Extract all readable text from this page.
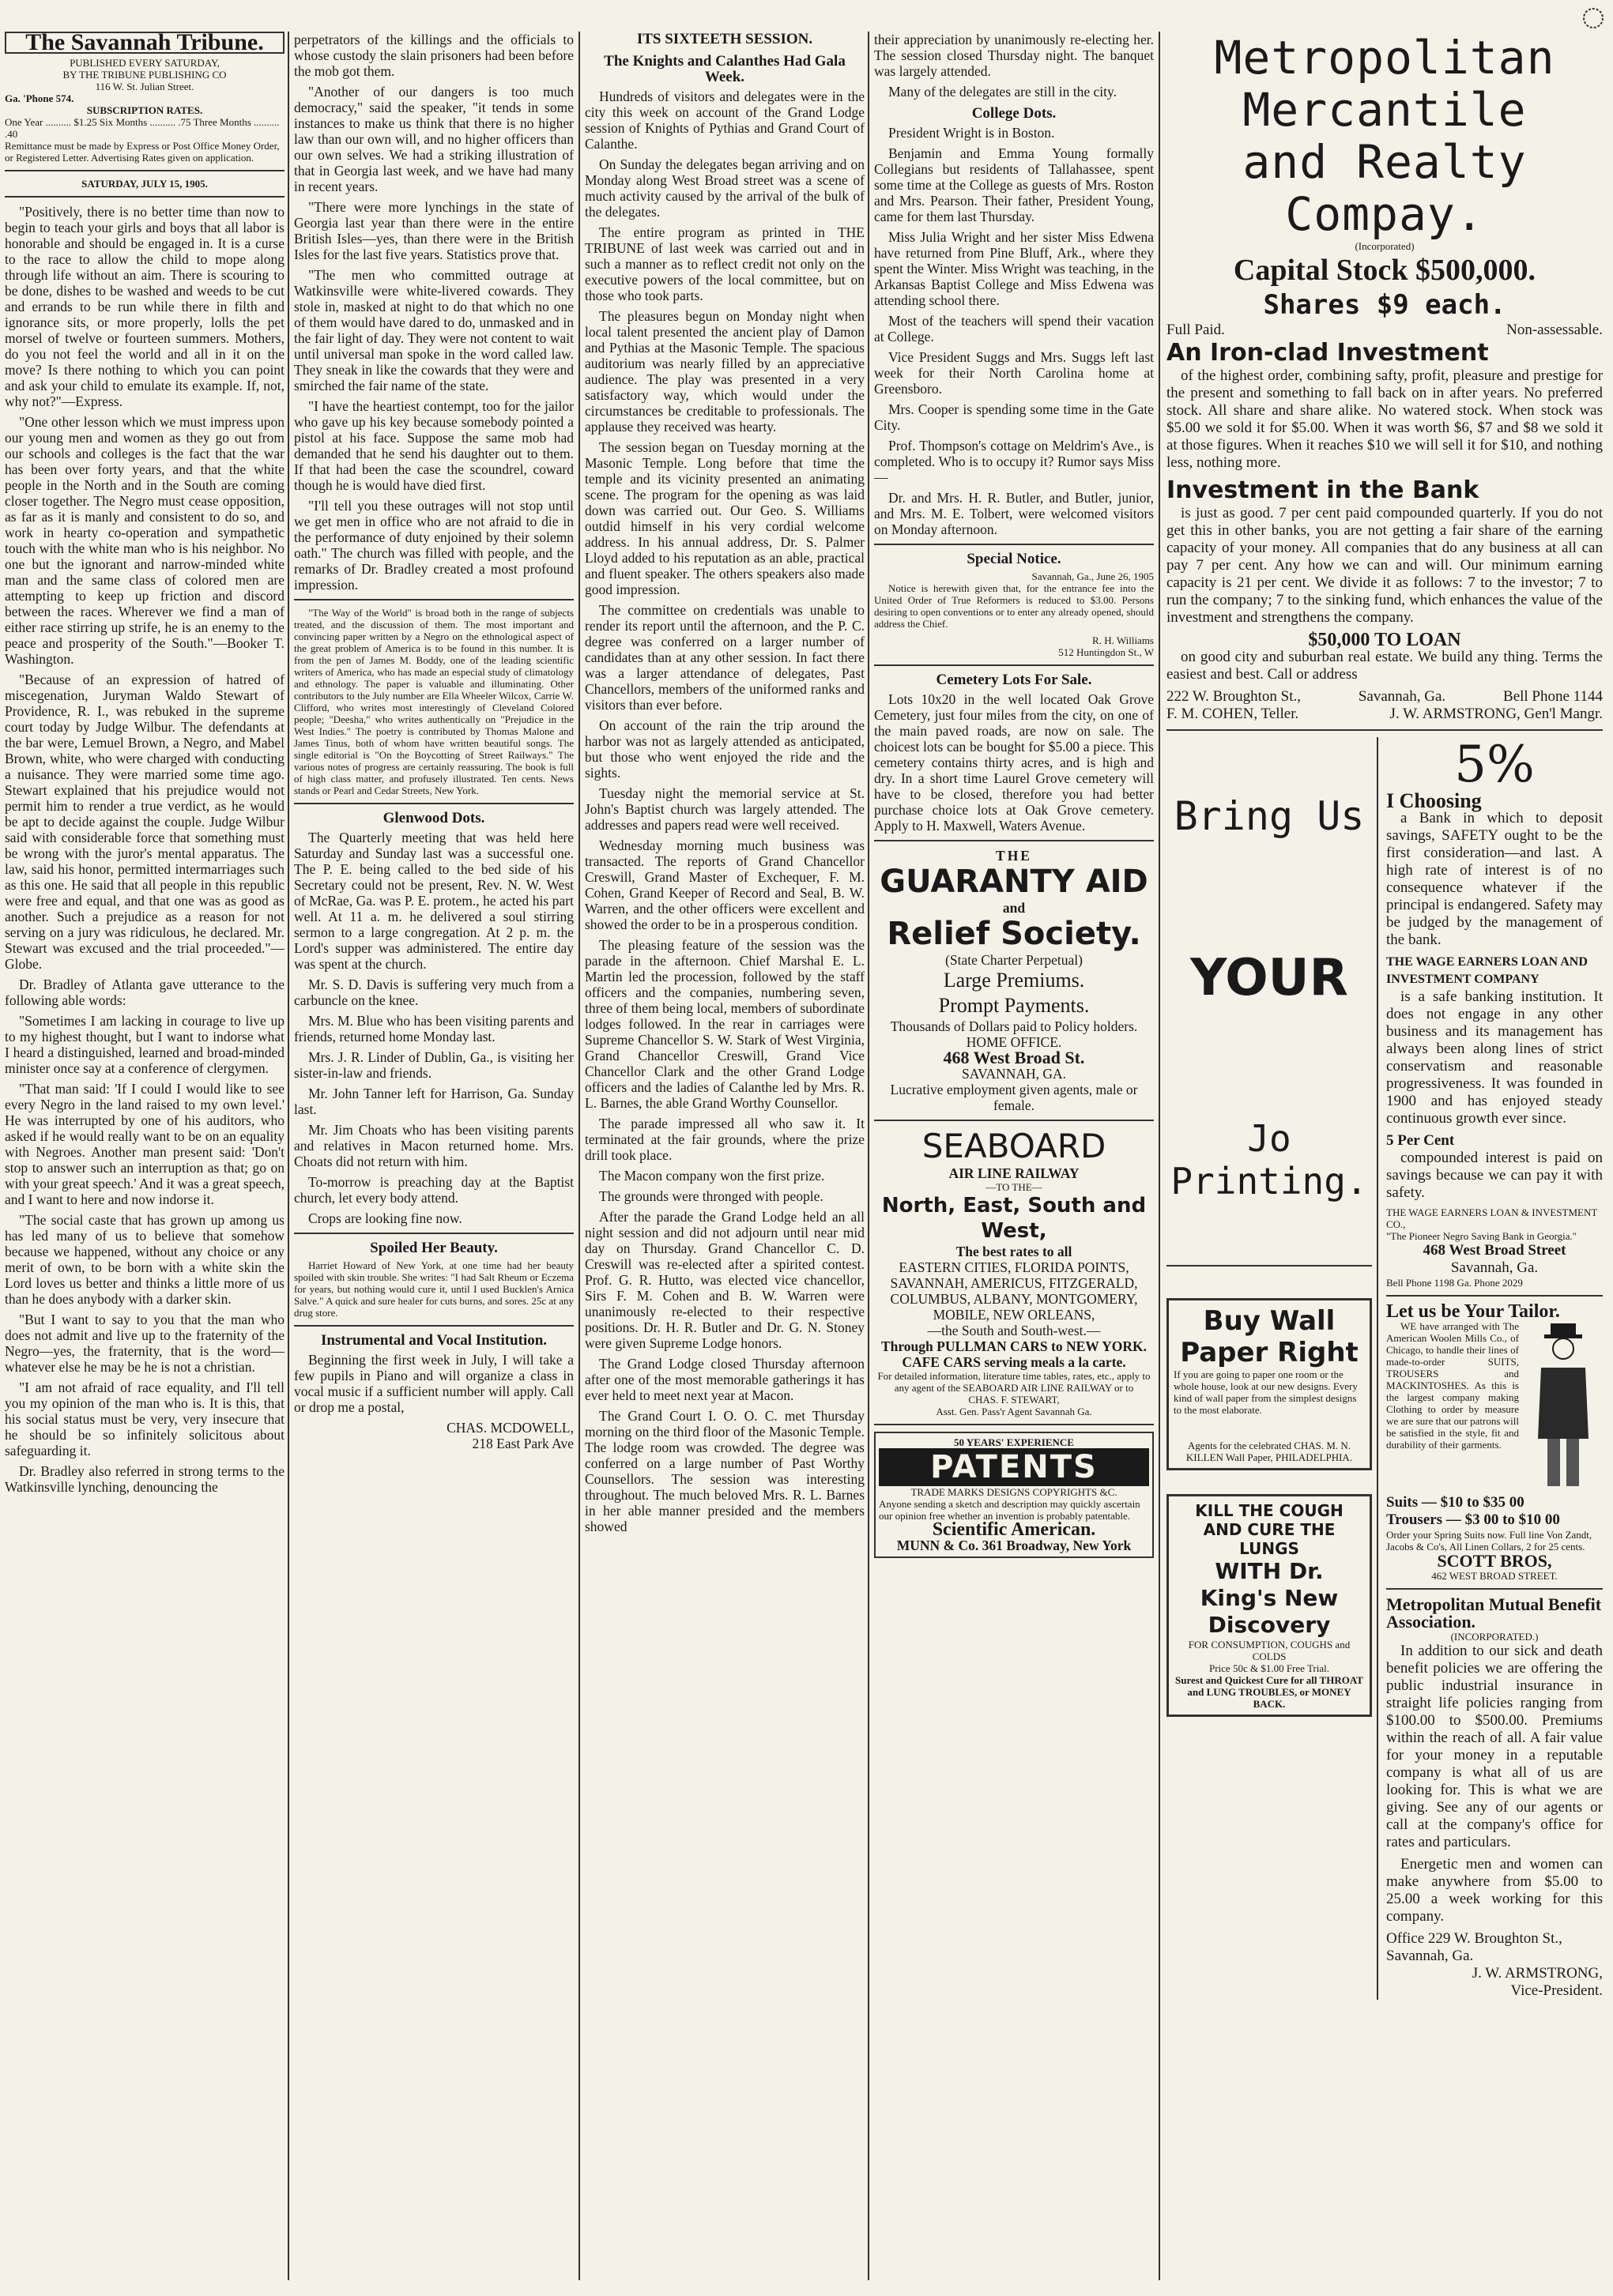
The Savannah Tribune.
PUBLISHED EVERY SATURDAY,
BY THE TRIBUNE PUBLISHING CO
116 W. St. Julian Street.
Ga. 'Phone 574.
SUBSCRIPTION RATES.
One Year .......... $1.25 Six Months .......... .75 Three Months .......... .40
Remittance must be made by Express or Post Office Money Order, or Registered Letter. Advertising Rates given on application.
SATURDAY, JULY 15, 1905.

"Positively, there is no better time than now to begin to teach your girls and boys that all labor is honorable and should be engaged in. It is a curse to the race to allow the child to mope along through life without an aim. There is scouring to be done, dishes to be washed and weeds to be cut and errands to be run while there in filth and ignorance sits, or more properly, lolls the pet morsel of twelve or fourteen summers. Mothers, do you not feel the world and all in it on the move? Is there nothing to which you can point and ask your child to emulate its example. If, not, why not?"—Express.

"One other lesson which we must impress upon our young men and women as they go out from our schools and colleges is the fact that the war has been over forty years, and that the white people in the North and in the South are coming closer together. The Negro must cease opposition, as far as it is manly and consistent to do so, and work in hearty co-operation and sympathetic touch with the white man who is his neighbor. No one but the ignorant and narrow-minded white man and the same class of colored men are attempting to keep up friction and discord between the races. Wherever we find a man of either race stirring up strife, he is an enemy to the peace and prosperity of the South."—Booker T. Washington.

"Because of an expression of hatred of miscegenation, Juryman Waldo Stewart of Providence, R. I., was rebuked in the supreme court today by Judge Wilbur. The defendants at the bar were, Lemuel Brown, a Negro, and Mabel Brown, white, who were charged with conducting a nuisance. They were married some time ago. Stewart explained that his prejudice would not permit him to render a true verdict, as he would be apt to decide against the couple. Judge Wilbur said with considerable force that something must be wrong with the juror's mental apparatus. The law, said his honor, permitted intermarriages such as this one. He said that all people in this republic were free and equal, and that one was as good as another. Such a prejudice as a reason for not serving on a jury was ridiculous, he declared. Mr. Stewart was excused and the trial proceeded."—Globe.

Dr. Bradley of Atlanta gave utterance to the following able words:

"Sometimes I am lacking in courage to live up to my highest thought, but I want to indorse what I heard a distinguished, learned and broad-minded minister once say at a conference of clergymen.

"That man said: 'If I could I would like to see every Negro in the land raised to my own level.' He was interrupted by one of his auditors, who asked if he would really want to be on an equality with Negroes. Another man present said: 'Don't stop to answer such an interruption as that; go on with your great speech.' And it was a great speech, and I want to here and now indorse it.

"The social caste that has grown up among us has led many of us to believe that somehow because we happened, without any choice or any merit of own, to be born with a white skin the Lord loves us better and thinks a little more of us than he does anybody with a darker skin.

"But I want to say to you that the man who does not admit and live up to the fraternity of the Negro—yes, the fraternity, that is the word—whatever else he may be he is not a christian.

"I am not afraid of race equality, and I'll tell you my opinion of the man who is. It is this, that his social status must be very, very insecure that he should be so infinitely solicitous about safeguarding it.

Dr. Bradley also referred in strong terms to the Watkinsville lynching, denouncing the

perpetrators of the killings and the officials to whose custody the slain prisoners had been before the mob got them.

"Another of our dangers is too much democracy," said the speaker, "it tends in some instances to make us think that there is no higher law than our own will, and no higher officers than our own selves. We had a striking illustration of that in Georgia last week, and we have had many in recent years.

"There were more lynchings in the state of Georgia last year than there were in the entire British Isles—yes, than there were in the British Isles for the last five years. Statistics prove that.

"The men who committed outrage at Watkinsville were white-livered cowards. They stole in, masked at night to do that which no one of them would have dared to do, unmasked and in the fair light of day. They were not content to wait until universal man spoke in the word called law. They sneak in like the cowards that they were and smirched the fair name of the state.

"I have the heartiest contempt, too for the jailor who gave up his key because somebody pointed a pistol at his face. Suppose the same mob had demanded that he send his daughter out to them. If that had been the case the scoundrel, coward though he is would have died first.

"I'll tell you these outrages will not stop until we get men in office who are not afraid to die in the performance of duty enjoined by their solemn oath." The church was filled with people, and the remarks of Dr. Bradley created a most profound impression.

"The Way of the World" is broad both in the range of subjects treated, and the discussion of them. The most important and convincing paper written by a Negro on the ethnological aspect of the great problem of America is to be found in this number. It is from the pen of James M. Boddy, one of the leading scientific writers of America, who has made an especial study of climatology and ethnology. The paper is valuable and illuminating. Other contributors to the July number are Ella Wheeler Wilcox, Carrie W. Clifford, who writes most interestingly of Cleveland Colored people; "Deesha," who writes authentically on "Prejudice in the West Indies." The poetry is contributed by Thomas Malone and James Tinus, both of whom have written beautiful songs. The single editorial is "On the Boycotting of Street Railways." The various notes of progress are certainly reassuring. The book is full of high class matter, and profusely illustrated. Ten cents. News stands or Pearl and Cedar Streets, New York.

Glenwood Dots.

The Quarterly meeting that was held here Saturday and Sunday last was a successful one. The P. E. being called to the bed side of his Secretary could not be present, Rev. N. W. West of McRae, Ga. was P. E. protem., he acted his part well. At 11 a. m. he delivered a soul stirring sermon to a large congregation. At 2 p. m. the Lord's supper was administered. The entire day was spent at the church.

Mr. S. D. Davis is suffering very much from a carbuncle on the knee.

Mrs. M. Blue who has been visiting parents and friends, returned home Monday last.

Mrs. J. R. Linder of Dublin, Ga., is visiting her sister-in-law and friends.

Mr. John Tanner left for Harrison, Ga. Sunday last.

Mr. Jim Choats who has been visiting parents and relatives in Macon returned home. Mrs. Choats did not return with him.

To-morrow is preaching day at the Baptist church, let every body attend.

Crops are looking fine now.

Spoiled Her Beauty.

Harriet Howard of New York, at one time had her beauty spoiled with skin trouble. She writes: "I had Salt Rheum or Eczema for years, but nothing would cure it, until I used Bucklen's Arnica Salve." A quick and sure healer for cuts burns, and sores. 25c at any drug store.

Instrumental and Vocal Institution.

Beginning the first week in July, I will take a few pupils in Piano and will organize a class in vocal music if a sufficient number will apply. Call or drop me a postal,

CHAS. MCDOWELL,
218 East Park Ave
ITS SIXTEETH SESSION.
The Knights and Calanthes Had Gala Week.

Hundreds of visitors and delegates were in the city this week on account of the Grand Lodge session of Knights of Pythias and Grand Court of Calanthe.

On Sunday the delegates began arriving and on Monday along West Broad street was a scene of much activity caused by the arrival of the bulk of the delegates.

The entire program as printed in THE TRIBUNE of last week was carried out and in such a manner as to reflect credit not only on the executive powers of the local committee, but on those who took parts.

The pleasures begun on Monday night when local talent presented the ancient play of Damon and Pythias at the Masonic Temple. The spacious auditorium was nearly filled by an appreciative audience. The play was presented in a very satisfactory way, which would under the circumstances be creditable to professionals. The applause they received was hearty.

The session began on Tuesday morning at the Masonic Temple. Long before that time the temple and its vicinity presented an animating scene. The program for the opening as was laid down was carried out. Our Geo. S. Williams outdid himself in his very cordial welcome address. In his annual address, Dr. S. Palmer Lloyd added to his reputation as an able, practical and fluent speaker. The others speakers also made good impression.

The committee on credentials was unable to render its report until the afternoon, and the P. C. degree was conferred on a larger number of candidates than at any other session. In fact there was a larger attendance of delegates, Past Chancellors, members of the uniformed ranks and visitors than ever before.

On account of the rain the trip around the harbor was not as largely attended as anticipated, but those who went enjoyed the ride and the sights.

Tuesday night the memorial service at St. John's Baptist church was largely attended. The addresses and papers read were well received.

Wednesday morning much business was transacted. The reports of Grand Chancellor Creswill, Grand Master of Exchequer, F. M. Cohen, Grand Keeper of Record and Seal, B. W. Warren, and the other officers were excellent and showed the order to be in a prosperous condition.

The pleasing feature of the session was the parade in the afternoon. Chief Marshal E. L. Martin led the procession, followed by the staff officers and the companies, numbering seven, three of them being local, members of subordinate lodges followed. In the rear in carriages were Supreme Chancellor S. W. Stark of West Virginia, Grand Chancellor Creswill, Grand Vice Chancellor Clark and the other Grand Lodge officers and the ladies of Calanthe led by Mrs. R. L. Barnes, the able Grand Worthy Counsellor.

The parade impressed all who saw it. It terminated at the fair grounds, where the prize drill took place.

The Macon company won the first prize.

The grounds were thronged with people.

After the parade the Grand Lodge held an all night session and did not adjourn until near mid day on Thursday. Grand Chancellor C. D. Creswill was re-elected after a spirited contest. Prof. G. R. Hutto, was elected vice chancellor, Sirs F. M. Cohen and B. W. Warren were unanimously re-elected to their respective positions. Dr. H. R. Butler and Dr. G. N. Stoney were given Supreme Lodge honors.

The Grand Lodge closed Thursday afternoon after one of the most memorable gatherings it has ever held to meet next year at Macon.

The Grand Court I. O. O. C. met Thursday morning on the third floor of the Masonic Temple. The lodge room was crowded. The degree was conferred on a large number of Past Worthy Counsellors. The session was interesting throughout. The much beloved Mrs. R. L. Barnes in her able manner presided and the members showed

their appreciation by unanimously re-electing her. The session closed Thursday night. The banquet was largely attended.

Many of the delegates are still in the city.

College Dots.

President Wright is in Boston.

Benjamin and Emma Young formally Collegians but residents of Tallahassee, spent some time at the College as guests of Mrs. Roston and Mrs. Pearson. Their father, President Young, came for them last Thursday.

Miss Julia Wright and her sister Miss Edwena have returned from Pine Bluff, Ark., where they spent the Winter. Miss Wright was teaching, in the Arkansas Baptist College and Miss Edwena was attending school there.

Most of the teachers will spend their vacation at College.

Vice President Suggs and Mrs. Suggs left last week for their North Carolina home at Greensboro.

Mrs. Cooper is spending some time in the Gate City.

Prof. Thompson's cottage on Meldrim's Ave., is completed. Who is to occupy it? Rumor says Miss—

Dr. and Mrs. H. R. Butler, and Butler, junior, and Mrs. M. E. Tolbert, were welcomed visitors on Monday afternoon.

Special Notice.
Savannah, Ga., June 26, 1905

Notice is herewith given that, for the entrance fee into the United Order of True Reformers is reduced to $3.00. Persons desiring to open conventions or to enter any already opened, should address the Chief.

R. H. Williams
512 Huntingdon St., W
Cemetery Lots For Sale.

Lots 10x20 in the well located Oak Grove Cemetery, just four miles from the city, on one of the main paved roads, are now on sale. The choicest lots can be bought for $5.00 a piece. This cemetery contains thirty acres, and is high and dry. In a short time Laurel Grove cemetery will have to be closed, therefore you had better purchase choice lots at Oak Grove cemetery. Apply to H. Maxwell, Waters Avenue.

THE
GUARANTY AID
and
Relief Society.
(State Charter Perpetual)
Large Premiums.
Prompt Payments.
Thousands of Dollars paid to Policy holders.
HOME OFFICE.
468 West Broad St.
SAVANNAH, GA.
Lucrative employment given agents, male or female.
SEABOARD
AIR LINE RAILWAY
—TO THE—
North, East, South and West,
The best rates to all
EASTERN CITIES, FLORIDA POINTS, SAVANNAH, AMERICUS, FITZGERALD, COLUMBUS, ALBANY, MONTGOMERY, MOBILE, NEW ORLEANS,
—the South and South-west.—
Through PULLMAN CARS to NEW YORK. CAFE CARS serving meals a la carte.
For detailed information, literature time tables, rates, etc., apply to any agent of the SEABOARD AIR LINE RAILWAY or to
CHAS. F. STEWART,
Asst. Gen. Pass'r Agent Savannah Ga.
50 YEARS' EXPERIENCE
PATENTS
TRADE MARKS DESIGNS COPYRIGHTS &C.
Anyone sending a sketch and description may quickly ascertain our opinion free whether an invention is probably patentable.
Scientific American.
MUNN & Co. 361 Broadway, New York
Metropolitan Mercantile
and Realty Compay.
(Incorporated)
Capital Stock $500,000.
Shares $9 each.
Full Paid.	Non-assessable.
An Iron-clad Investment

of the highest order, combining safty, profit, pleasure and prestige for the present and something to fall back on in after years. No preferred stock. All share and share alike. No watered stock. When stock was $5.00 we sold it for $5.00. When it was worth $6, $7 and $8 we sold it at those figures. When it reaches $10 we will sell it for $10, and nothing less, nothing more.

Investment in the Bank

is just as good. 7 per cent paid compounded quarterly. If you do not get this in other banks, you are not getting a fair share of the earning capacity of your money. All companies that do any business at all can pay 7 per cent. Any how we can and will. Our minimum earning capacity is 21 per cent. We divide it as follows: 7 to the investor; 7 to run the company; 7 to the sinking fund, which enhances the value of the investment and strengthens the company.

$50,000 TO LOAN

on good city and suburban real estate. We build any thing. Terms the easiest and best. Call or address

222 W. Broughton St.,	Savannah, Ga.	Bell Phone 1144
F. M. COHEN, Teller.	J. W. ARMSTRONG, Gen'l Mangr.
Bring Us
YOUR
Jo Printing.
Buy Wall
Paper Right
If you are going to paper one room or the whole house, look at our new designs. Every kind of wall paper from the simplest designs to the most elaborate.
Agents for the celebrated CHAS. M. N. KILLEN Wall Paper, PHILADELPHIA.
KILL THE COUGH AND CURE THE LUNGS
WITH Dr. King's New Discovery
FOR CONSUMPTION, COUGHS and COLDS
Price 50c & $1.00 Free Trial.
Surest and Quickest Cure for all THROAT and LUNG TROUBLES, or MONEY BACK.
5%
I Choosing

a Bank in which to deposit savings, SAFETY ought to be the first consideration—and last. A high rate of interest is of no consequence whatever if the principal is endangered. Safety may be judged by the management of the bank.

THE WAGE EARNERS LOAN AND INVESTMENT COMPANY

is a safe banking institution. It does not engage in any other business and its management has always been along lines of strict conservatism and reasonable progressiveness. It was founded in 1900 and has enjoyed steady continuous growth ever since.

5 Per Cent

compounded interest is paid on savings because we can pay it with safety.

THE WAGE EARNERS LOAN & INVESTMENT CO.,
"The Pioneer Negro Saving Bank in Georgia."
468 West Broad Street
Savannah, Ga.
Bell Phone 1198 Ga. Phone 2029
Let us be Your Tailor.

WE have arranged with The American Woolen Mills Co., of Chicago, to handle their lines of made-to-order SUITS, TROUSERS and MACKINTOSHES. As this is the largest company making Clothing to order by measure we are sure that our patrons will be satisfied in the style, fit and durability of their garments.

Suits — $10 to $35 00
Trousers — $3 00 to $10 00
Order your Spring Suits now. Full line Von Zandt, Jacobs & Co's, All Linen Collars, 2 for 25 cents.
SCOTT BROS,
462 WEST BROAD STREET.
Metropolitan Mutual Benefit Association.
(INCORPORATED.)

In addition to our sick and death benefit policies we are offering the public industrial insurance in straight life policies ranging from $100.00 to $500.00. Premiums within the reach of all. A fair value for your money in a reputable company is what all of us are looking for. This is what we are giving. See any of our agents or call at the company's office for rates and particulars.

Energetic men and women can make anywhere from $5.00 to 25.00 a week working for this company.

Office 229 W. Broughton St., Savannah, Ga.
J. W. ARMSTRONG,
Vice-President.
